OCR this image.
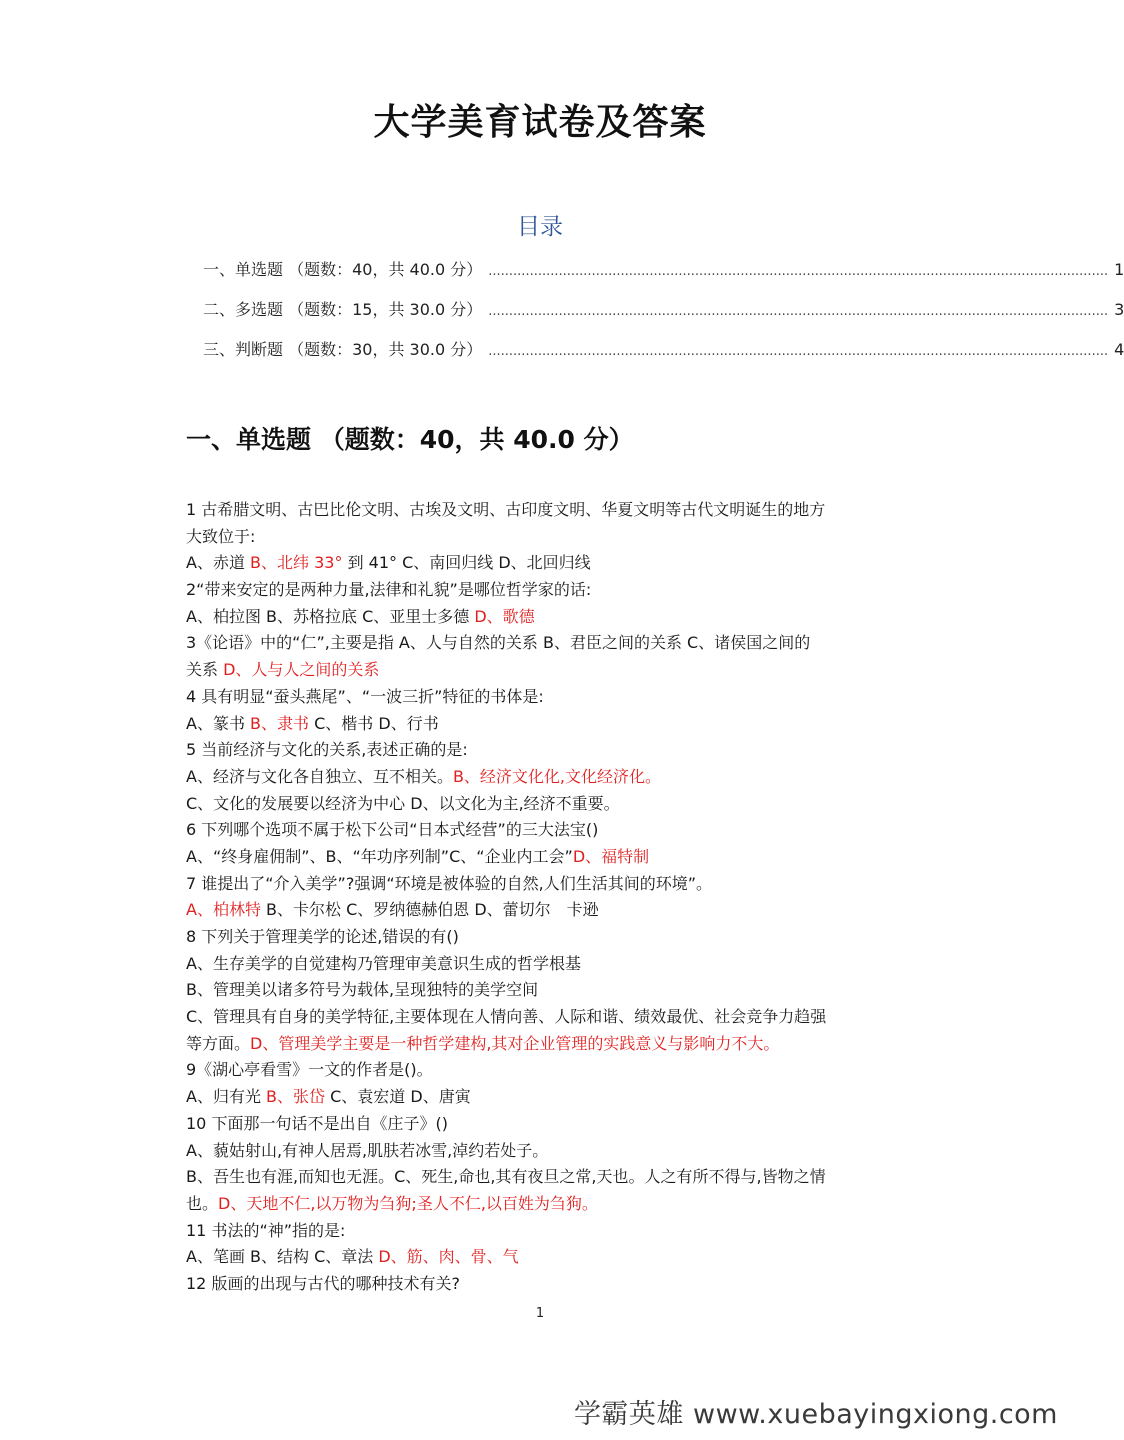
大学美育试卷及答案
目录
一、单选题 （题数：40，共 40.0 分） ...................................................................................................................................................... 1
二、多选题 （题数：15，共 30.0 分） ...................................................................................................................................................... 3
三、判断题 （题数：30，共 30.0 分） ...................................................................................................................................................... 4
一、单选题 （题数：40，共 40.0 分）
1 古希腊文明、古巴比伦文明、古埃及文明、古印度文明、华夏文明等古代文明诞生的地方
大致位于:
A、赤道 B、北纬 33° 到 41° C、南回归线 D、北回归线
2“带来安定的是两种力量,法律和礼貌”是哪位哲学家的话:
A、柏拉图 B、苏格拉底 C、亚里士多德 D、歌德
3《论语》中的“仁”,主要是指 A、人与自然的关系 B、君臣之间的关系 C、诸侯国之间的
关系 D、人与人之间的关系
4 具有明显“蚕头燕尾”、“一波三折”特征的书体是:
A、篆书 B、隶书 C、楷书 D、行书
5 当前经济与文化的关系,表述正确的是:
A、经济与文化各自独立、互不相关。B、经济文化化,文化经济化。
C、文化的发展要以经济为中心 D、以文化为主,经济不重要。
6 下列哪个选项不属于松下公司“日本式经营”的三大法宝()
A、“终身雇佣制”、B、“年功序列制”C、“企业内工会”D、福特制
7 谁提出了“介入美学”?强调“环境是被体验的自然,人们生活其间的环境”。
A、柏林特 B、卡尔松 C、罗纳德赫伯恩 D、蕾切尔　卡逊
8 下列关于管理美学的论述,错误的有()
A、生存美学的自觉建构乃管理审美意识生成的哲学根基
B、管理美以诸多符号为载体,呈现独特的美学空间
C、管理具有自身的美学特征,主要体现在人情向善、人际和谐、绩效最优、社会竞争力趋强
等方面。D、管理美学主要是一种哲学建构,其对企业管理的实践意义与影响力不大。
9《湖心亭看雪》一文的作者是()。
A、归有光 B、张岱 C、袁宏道 D、唐寅
10 下面那一句话不是出自《庄子》()
A、藐姑射山,有神人居焉,肌肤若冰雪,淖约若处子。
B、吾生也有涯,而知也无涯。C、死生,命也,其有夜旦之常,天也。人之有所不得与,皆物之情
也。D、天地不仁,以万物为刍狗;圣人不仁,以百姓为刍狗。
11 书法的“神”指的是:
A、笔画 B、结构 C、章法 D、筋、肉、骨、气
12 版画的出现与古代的哪种技术有关?
1
学霸英雄 www.xuebayingxiong.com
